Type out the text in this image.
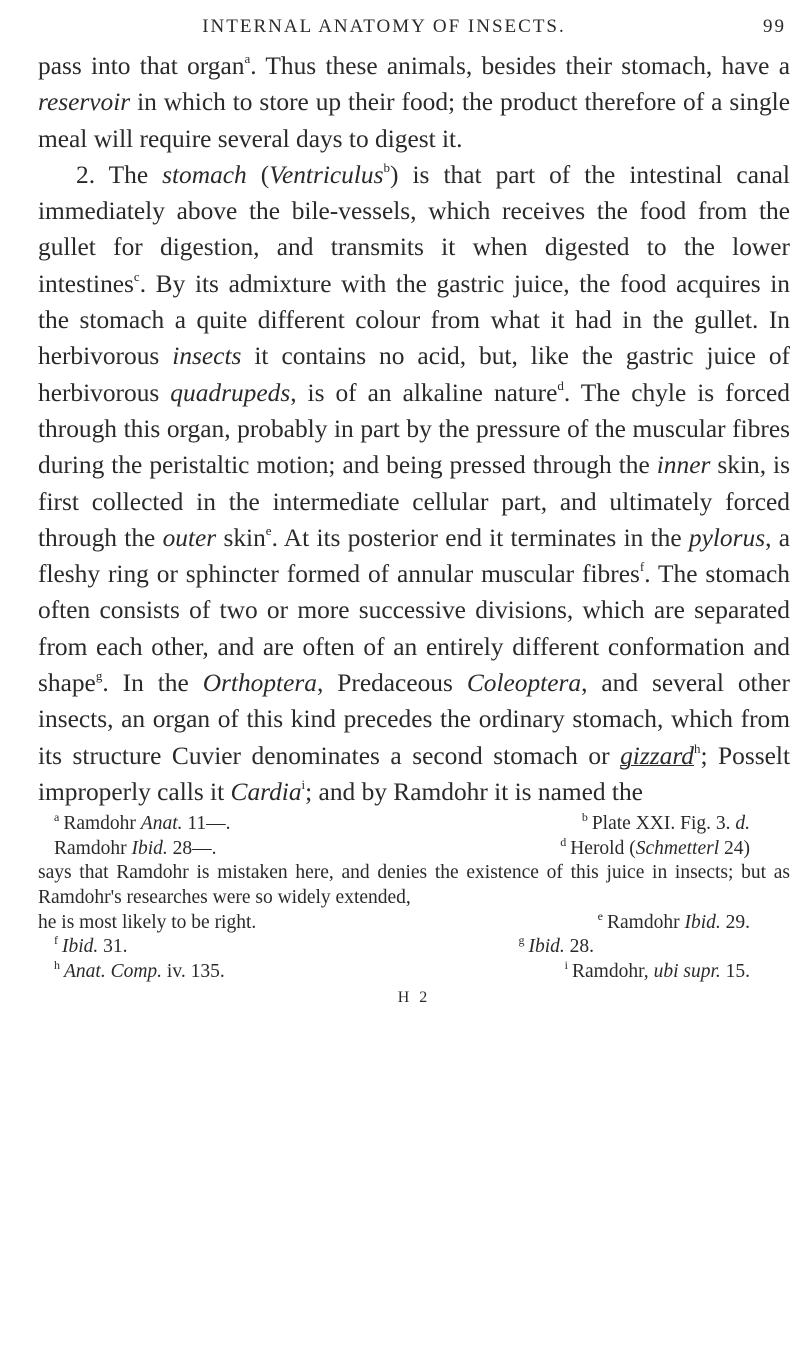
INTERNAL ANATOMY OF INSECTS.	99

pass into that organ$^a$. Thus these animals, besides their stomach, have a reservoir in which to store up their food; the product therefore of a single meal will require several days to digest it.

2. The stomach (Ventriculus$^b$) is that part of the intestinal canal immediately above the bile-vessels, which receives the food from the gullet for digestion, and transmits it when digested to the lower intestines$^c$. By its admixture with the gastric juice, the food acquires in the stomach a quite different colour from what it had in the gullet. In herbivorous insects it contains no acid, but, like the gastric juice of herbivorous quadrupeds, is of an alkaline nature$^d$. The chyle is forced through this organ, probably in part by the pressure of the muscular fibres during the peristaltic motion; and being pressed through the inner skin, is first collected in the intermediate cellular part, and ultimately forced through the outer skin$^e$. At its posterior end it terminates in the pylorus, a fleshy ring or sphincter formed of annular muscular fibres$^f$. The stomach often consists of two or more successive divisions, which are separated from each other, and are often of an entirely different conformation and shape$^g$. In the Orthoptera, Predaceous Coleoptera, and several other insects, an organ of this kind precedes the ordinary stomach, which from its structure Cuvier denominates a second stomach or gizzard$^h$; Posselt improperly calls it Cardia$^i$; and by Ramdohr it is named the

$^a$ Ramdohr Anat. 11—.	$^b$ Plate XXI. Fig. 3. d.
Ramdohr Ibid. 28—.	$^d$ Herold (Schmetterl 24)

says that Ramdohr is mistaken here, and denies the existence of this juice in insects; but as Ramdohr's researches were so widely extended,

he is most likely to be right.	$^e$ Ramdohr Ibid. 29.
$^f$ Ibid. 31.	$^g$ Ibid. 28.
$^h$ Anat. Comp. iv. 135.	$^i$ Ramdohr, ubi supr. 15.
H 2
